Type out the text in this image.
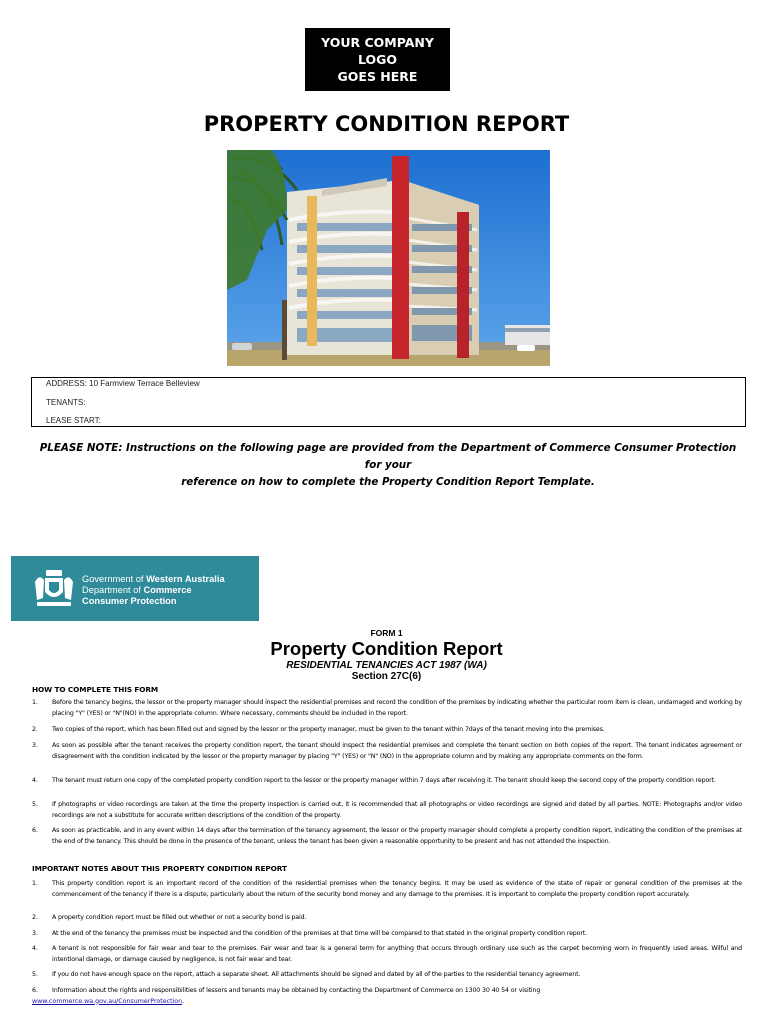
YOUR COMPANY LOGO
GOES HERE
PROPERTY CONDITION REPORT
ADDRESS: 10 Farmview Terrace Belleview
TENANTS:
LEASE START:
PLEASE NOTE: Instructions on the following page are provided from the Department of Commerce Consumer Protection for your
reference on how to complete the Property Condition Report Template.
Government of Western Australia
Department of Commerce
Consumer Protection
FORM 1
Property Condition Report
RESIDENTIAL TENANCIES ACT 1987 (WA)
Section 27C(6)
HOW TO COMPLETE THIS FORM
1. Before the tenancy begins, the lessor or the property manager should inspect the residential premises and record the condition of the premises by indicating whether the particular room item is clean, undamaged and working by placing "Y" (YES) or "N"(NO) in the appropriate column. Where necessary, comments should be included in the report.
2. Two copies of the report, which has been filled out and signed by the lessor or the property manager, must be given to the tenant within 7days of the tenant moving into the premises.
3. As soon as possible after the tenant receives the property condition report, the tenant should inspect the residential premises and complete the tenant section on both copies of the report. The tenant indicates agreement or disagreement with the condition indicated by the lessor or the property manager by placing "Y" (YES) or "N" (NO) in the appropriate column and by making any appropriate comments on the form.
4. The tenant must return one copy of the completed property condition report to the lessor or the property manager within 7 days after receiving it. The tenant should keep the second copy of the property condition report.
5. If photographs or video recordings are taken at the time the property inspection is carried out, it is recommended that all photographs or video recordings are signed and dated by all parties. NOTE: Photographs and/or video recordings are not a substitute for accurate written descriptions of the condition of the property.
6. As soon as practicable, and in any event within 14 days after the termination of the tenancy agreement, the lessor or the property manager should complete a property condition report, indicating the condition of the premises at the end of the tenancy. This should be done in the presence of the tenant, unless the tenant has been given a reasonable opportunity to be present and has not attended the inspection.
IMPORTANT NOTES ABOUT THIS PROPERTY CONDITION REPORT
1. This property condition report is an important record of the condition of the residential premises when the tenancy begins. It may be used as evidence of the state of repair or general condition of the premises at the commencement of the tenancy if there is a dispute, particularly about the return of the security bond money and any damage to the premises. It is important to complete the property condition report accurately.
2. A property condition report must be filled out whether or not a security bond is paid.
3. At the end of the tenancy the premises must be inspected and the condition of the premises at that time will be compared to that stated in the original property condition report.
4. A tenant is not responsible for fair wear and tear to the premises. Fair wear and tear is a general term for anything that occurs through ordinary use such as the carpet becoming worn in frequently used areas. Wilful and intentional damage, or damage caused by negligence, is not fair wear and tear.
5. If you do not have enough space on the report, attach a separate sheet. All attachments should be signed and dated by all of the parties to the residential tenancy agreement.
6. Information about the rights and responsibilities of lessors and tenants may be obtained by contacting the Department of Commerce on 1300 30 40 54 or visiting
www.commerce.wa.gov.au/ConsumerProtection.
